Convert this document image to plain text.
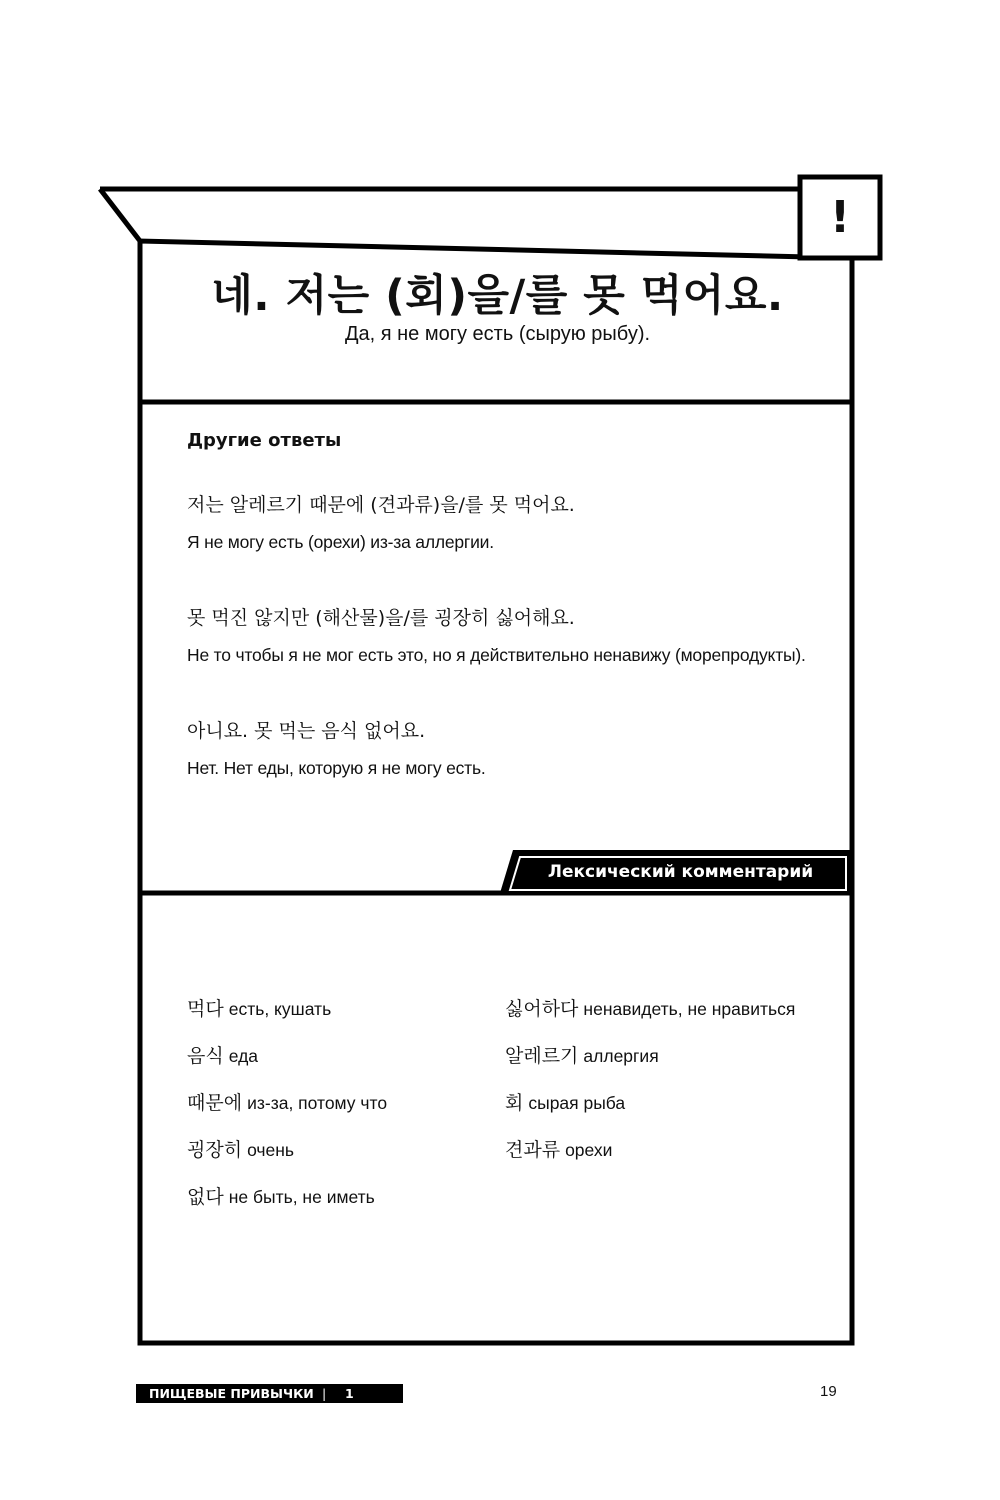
!
네. 저는 (회)을/를 못 먹어요.
Да, я не могу есть (сырую рыбу).
Другие ответы
저는 알레르기 때문에 (견과류)을/를 못 먹어요.
Я не могу есть (орехи) из-за аллергии.
못 먹진 않지만 (해산물)을/를 굉장히 싫어해요.
Не то чтобы я не мог есть это, но я действительно ненавижу (морепродукты).
아니요. 못 먹는 음식 없어요.
Нет. Нет еды, которую я не могу есть.
Лексический комментарий
먹다 есть, кушать
음식 еда
때문에 из-за, потому что
굉장히 очень
없다 не быть, не иметь
싫어하다 ненавидеть, не нравиться
알레르기 аллергия
회 сырая рыба
견과류 орехи
ПИЩЕВЫЕ ПРИВЫЧКИ | 1	19
